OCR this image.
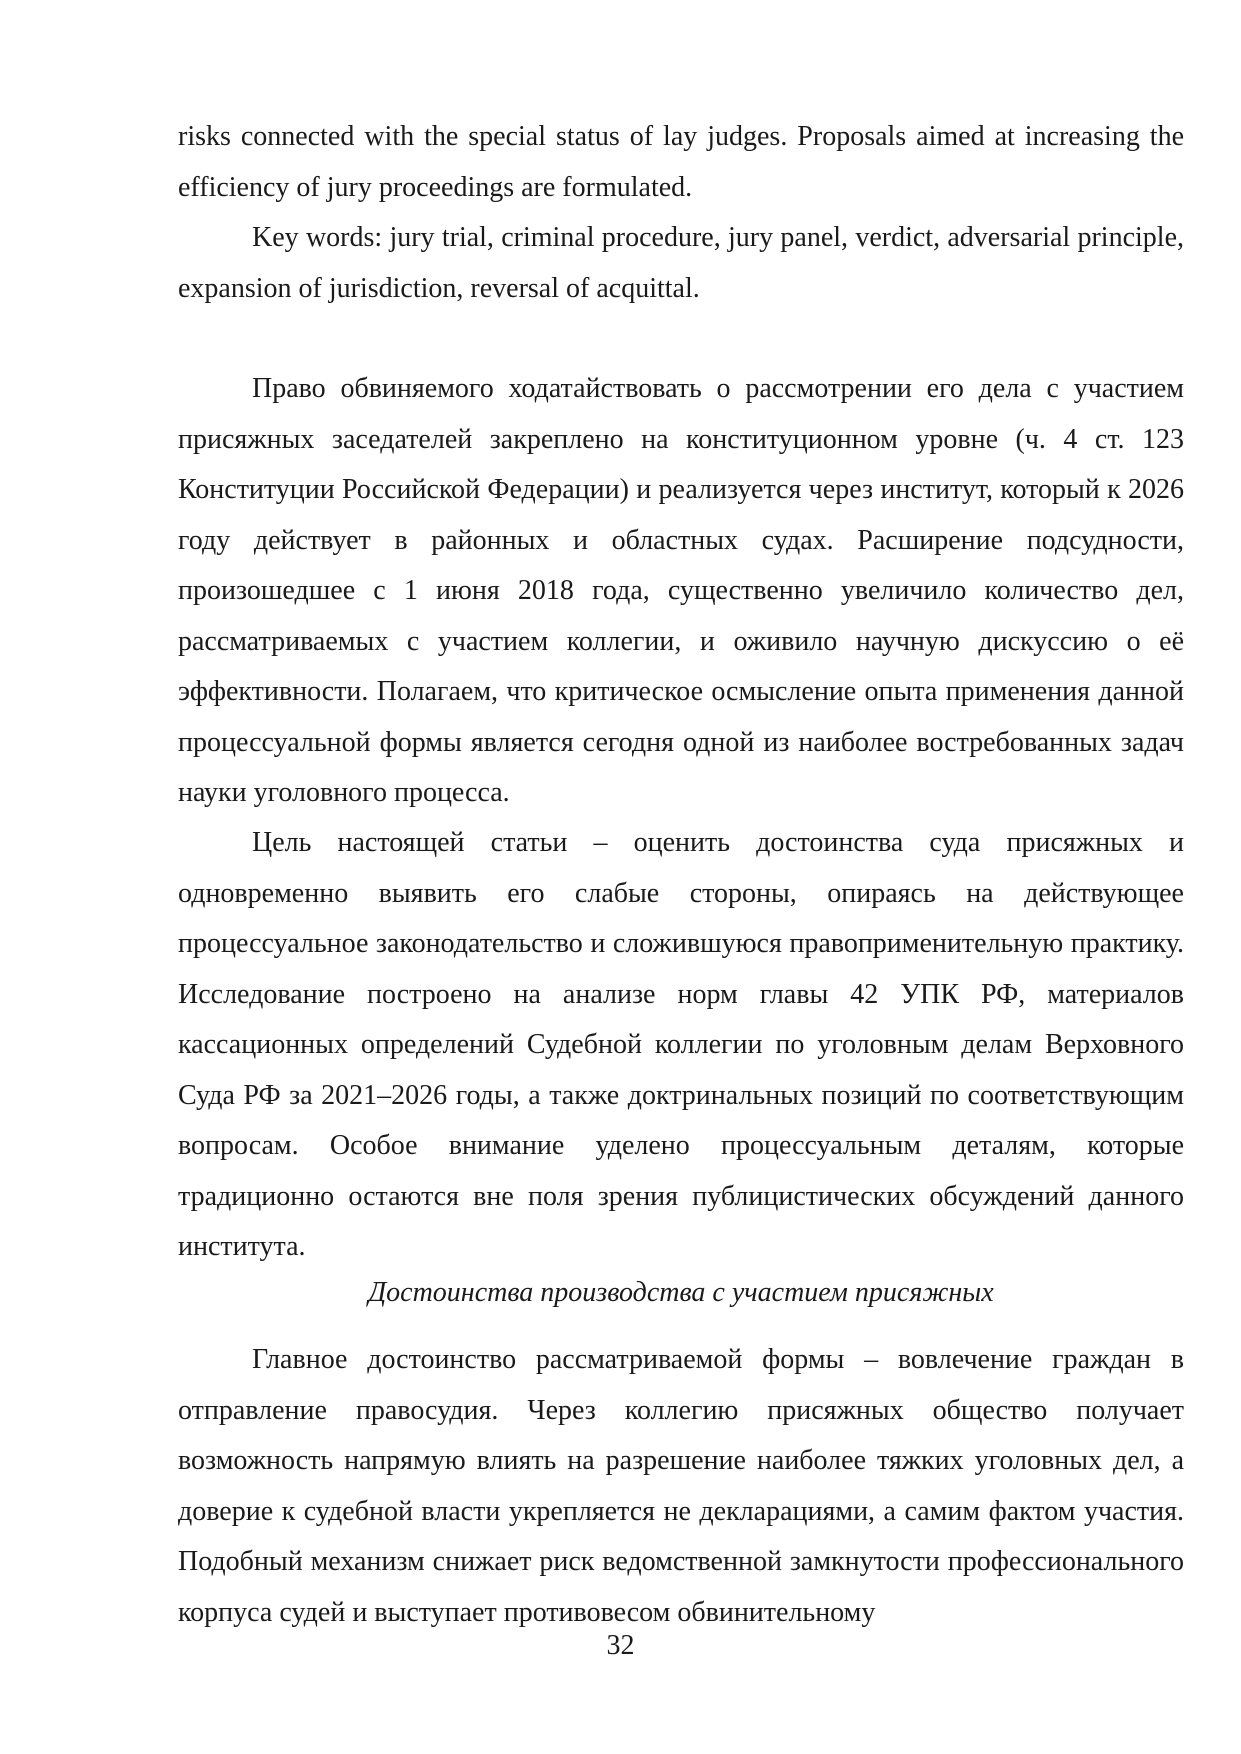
risks connected with the special status of lay judges. Proposals aimed at increasing the efficiency of jury proceedings are formulated.

Key words: jury trial, criminal procedure, jury panel, verdict, adversarial principle, expansion of jurisdiction, reversal of acquittal.

Право обвиняемого ходатайствовать о рассмотрении его дела с участием присяжных заседателей закреплено на конституционном уровне (ч. 4 ст. 123 Конституции Российской Федерации) и реализуется через институт, который к 2026 году действует в районных и областных судах. Расширение подсудности, произошедшее с 1 июня 2018 года, существенно увеличило количество дел, рассматриваемых с участием коллегии, и оживило научную дискуссию о её эффективности. Полагаем, что критическое осмысление опыта применения данной процессуальной формы является сегодня одной из наиболее востребованных задач науки уголовного процесса.

Цель настоящей статьи – оценить достоинства суда присяжных и одновременно выявить его слабые стороны, опираясь на действующее процессуальное законодательство и сложившуюся правоприменительную практику. Исследование построено на анализе норм главы 42 УПК РФ, материалов кассационных определений Судебной коллегии по уголовным делам Верховного Суда РФ за 2021–2026 годы, а также доктринальных позиций по соответствующим вопросам. Особое внимание уделено процессуальным деталям, которые традиционно остаются вне поля зрения публицистических обсуждений данного института.

Достоинства производства с участием присяжных

Главное достоинство рассматриваемой формы – вовлечение граждан в отправление правосудия. Через коллегию присяжных общество получает возможность напрямую влиять на разрешение наиболее тяжких уголовных дел, а доверие к судебной власти укрепляется не декларациями, а самим фактом участия. Подобный механизм снижает риск ведомственной замкнутости профессионального корпуса судей и выступает противовесом обвинительному

32
